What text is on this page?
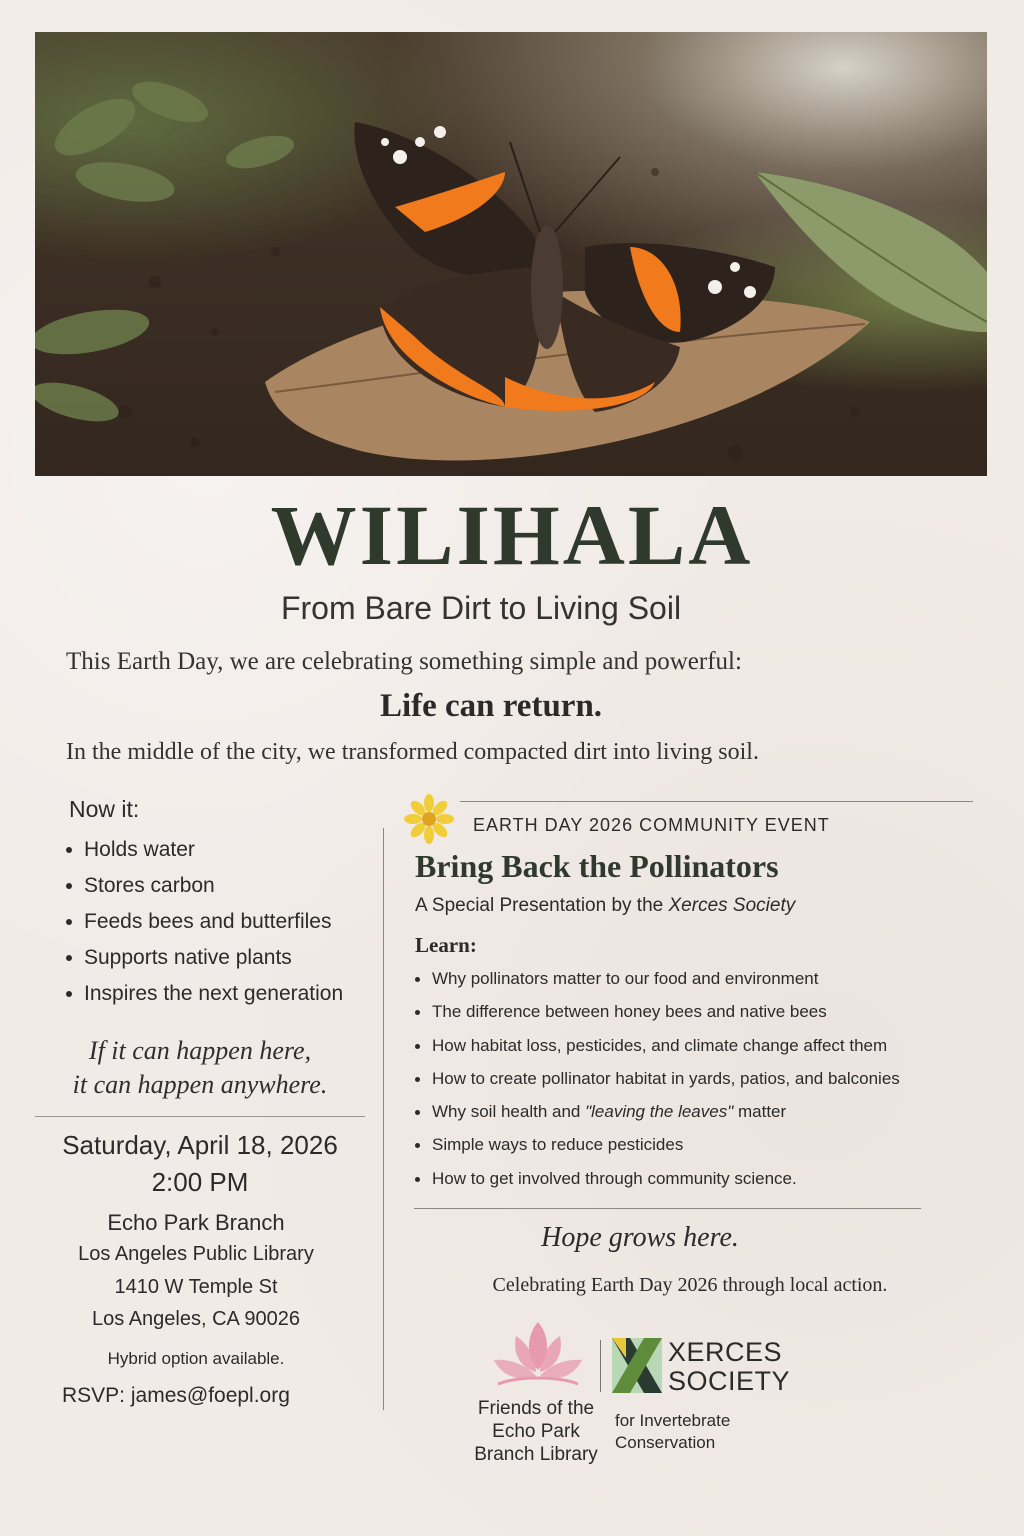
WILIHALA
From Bare Dirt to Living Soil
This Earth Day, we are celebrating something simple and powerful:
Life can return.
In the middle of the city, we transformed compacted dirt into living soil.
Now it:
Holds water
Stores carbon
Feeds bees and butterfiles
Supports native plants
Inspires the next generation
If it can happen here,
it can happen anywhere.
Saturday, April 18, 2026
2:00 PM
Echo Park Branch
Los Angeles Public Library
1410 W Temple St
Los Angeles, CA 90026
Hybrid option available.
RSVP: james@foepl.org
EARTH DAY 2026 COMMUNITY EVENT
Bring Back the Pollinators
A Special Presentation by the Xerces Society
Learn:
Why pollinators matter to our food and environment
The difference between honey bees and native bees
How habitat loss, pesticides, and climate change affect them
How to create pollinator habitat in yards, patios, and balconies
Why soil health and "leaving the leaves" matter
Simple ways to reduce pesticides
How to get involved through community science.
Hope grows here.
Celebrating Earth Day 2026 through local action.
Friends of the
Echo Park
Branch Library
XERCES
SOCIETY
for Invertebrate
Conservation
